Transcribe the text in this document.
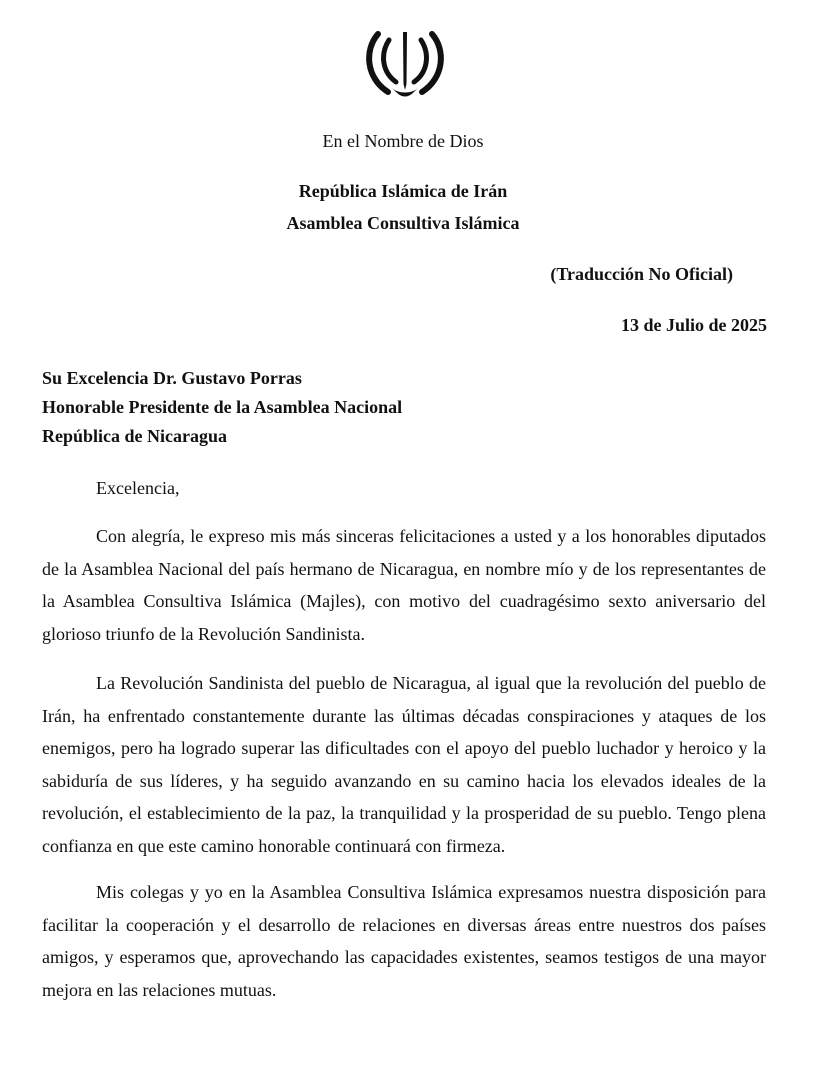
En el Nombre de Dios
República Islámica de Irán
Asamblea Consultiva Islámica
(Traducción No Oficial)
13 de Julio de 2025
Su Excelencia Dr. Gustavo Porras
Honorable Presidente de la Asamblea Nacional
República de Nicaragua
Excelencia,

Con alegría, le expreso mis más sinceras felicitaciones a usted y a los honorables diputados de la Asamblea Nacional del país hermano de Nicaragua, en nombre mío y de los representantes de la Asamblea Consultiva Islámica (Majles), con motivo del cuadragésimo sexto aniversario del glorioso triunfo de la Revolución Sandinista.

La Revolución Sandinista del pueblo de Nicaragua, al igual que la revolución del pueblo de Irán, ha enfrentado constantemente durante las últimas décadas conspiraciones y ataques de los enemigos, pero ha logrado superar las dificultades con el apoyo del pueblo luchador y heroico y la sabiduría de sus líderes, y ha seguido avanzando en su camino hacia los elevados ideales de la revolución, el establecimiento de la paz, la tranquilidad y la prosperidad de su pueblo. Tengo plena confianza en que este camino honorable continuará con firmeza.

Mis colegas y yo en la Asamblea Consultiva Islámica expresamos nuestra disposición para facilitar la cooperación y el desarrollo de relaciones en diversas áreas entre nuestros dos países amigos, y esperamos que, aprovechando las capacidades existentes, seamos testigos de una mayor mejora en las relaciones mutuas.
